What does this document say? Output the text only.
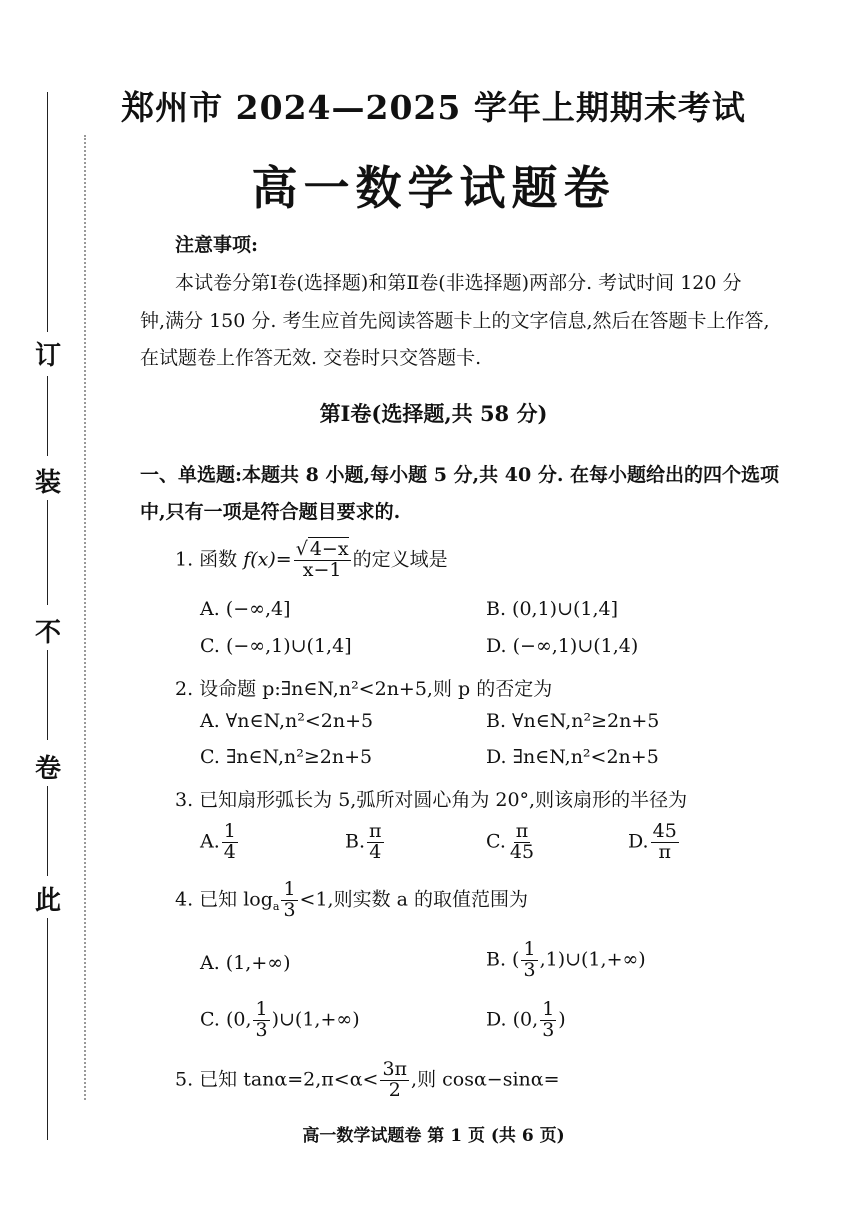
订
装
不
卷
此
郑州市 2024—2025 学年上期期末考试
高一数学试题卷
注意事项:
本试卷分第Ⅰ卷(选择题)和第Ⅱ卷(非选择题)两部分. 考试时间 120 分
钟,满分 150 分. 考生应首先阅读答题卡上的文字信息,然后在答题卡上作答,
在试题卷上作答无效. 交卷时只交答题卡.
第Ⅰ卷(选择题,共 58 分)
一、单选题:本题共 8 小题,每小题 5 分,共 40 分. 在每小题给出的四个选项
中,只有一项是符合题目要求的.
1. 函数 $f(x)= \frac{√ 4-x}{x-1}$ 的定义域是
A. (−∞,4]	B. (0,1)∪(1,4]
C. (−∞,1)∪(1,4]	D. (−∞,1)∪(1,4)
2. 设命题 p:∃n∈N,n²<2n+5,则 p 的否定为
A. ∀n∈N,n²<2n+5	B. ∀n∈N,n²≥2n+5
C. ∃n∈N,n²≥2n+5	D. ∃n∈N,n²<2n+5
3. 已知扇形弧长为 5,弧所对圆心角为 20°,则该扇形的半径为
A. $\frac{1}{4}$	B. $\frac{\pi}{4}$	C. $\frac{\pi}{45}$	D. $\frac{45}{\pi}$
4. 已知 $\log_a \frac{1}{3} <1$,则实数 a 的取值范围为
A. (1,+∞)	B. ( $\frac{1}{3}$ ,1)∪(1,+∞)
C. (0, $\frac{1}{3}$ )∪(1,+∞)	D. (0, $\frac{1}{3}$ )
5. 已知 $\tan\alpha=2,\pi<\alpha< \frac{3\pi}{2}$ ,则 cosα−sinα=
高一数学试题卷 第 1 页 (共 6 页)
